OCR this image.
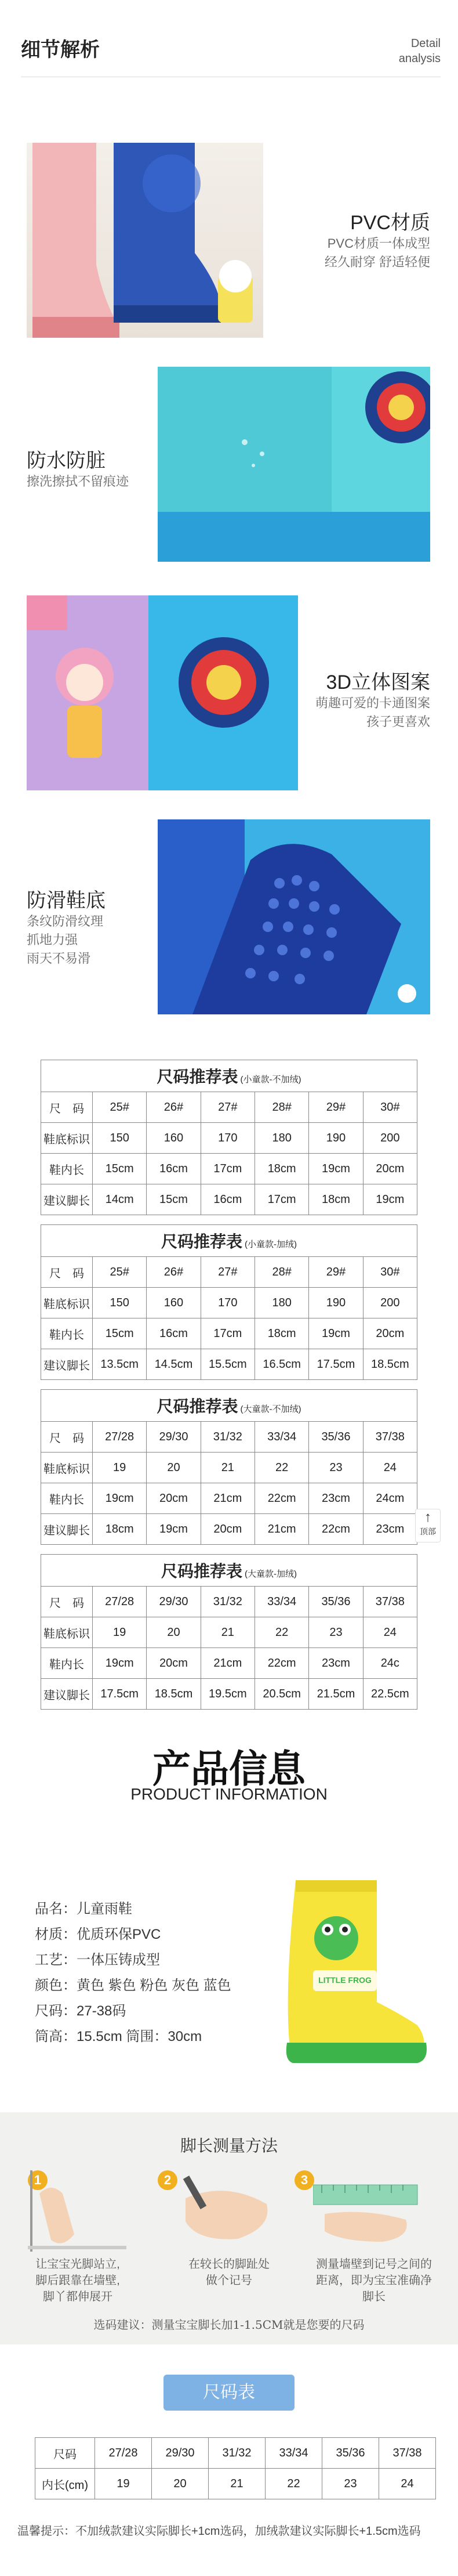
细节解析	Detail
analysis
PVC材质
PVC材质一体成型
经久耐穿 舒适轻便
防水防脏
擦洗擦拭不留痕迹
3D立体图案
萌趣可爱的卡通图案
孩子更喜欢
防滑鞋底
条纹防滑纹理
抓地力强
雨天不易滑
尺码推荐表 (小童款-不加绒)						
尺　码	25#	26#	27#	28#	29#	30#
鞋底标识	150	160	170	180	190	200
鞋内长	15cm	16cm	17cm	18cm	19cm	20cm
建议脚长	14cm	15cm	16cm	17cm	18cm	19cm
尺码推荐表 (小童款-加绒)						
尺　码	25#	26#	27#	28#	29#	30#
鞋底标识	150	160	170	180	190	200
鞋内长	15cm	16cm	17cm	18cm	19cm	20cm
建议脚长	13.5cm	14.5cm	15.5cm	16.5cm	17.5cm	18.5cm
尺码推荐表 (大童款-不加绒)						
尺　码	27/28	29/30	31/32	33/34	35/36	37/38
鞋底标识	19	20	21	22	23	24
鞋内长	19cm	20cm	21cm	22cm	23cm	24cm
建议脚长	18cm	19cm	20cm	21cm	22cm	23cm
尺码推荐表 (大童款-加绒)						
尺　码	27/28	29/30	31/32	33/34	35/36	37/38
鞋底标识	19	20	21	22	23	24
鞋内长	19cm	20cm	21cm	22cm	23cm	24c
建议脚长	17.5cm	18.5cm	19.5cm	20.5cm	21.5cm	22.5cm
↑
顶部
产品信息
PRODUCT INFORMATION
品名：儿童雨鞋
材质：优质环保PVC
工艺：一体压铸成型
颜色：黄色 紫色 粉色 灰色 蓝色
尺码：27-38码
筒高：15.5cm 筒围：30cm
LITTLE FROG
脚长测量方法
1
让宝宝光脚站立,
脚后跟靠在墙壁,
脚丫都伸展开
2
在较长的脚趾处
做个记号
3
测量墙壁到记号之间的
距离，即为宝宝准确净
脚长
选码建议：测量宝宝脚长加1-1.5CM就是您要的尺码
尺码表
尺码	27/28	29/30	31/32	33/34	35/36	37/38
内长(cm)	19	20	21	22	23	24
温馨提示：不加绒款建议实际脚长+1cm选码，加绒款建议实际脚长+1.5cm选码
